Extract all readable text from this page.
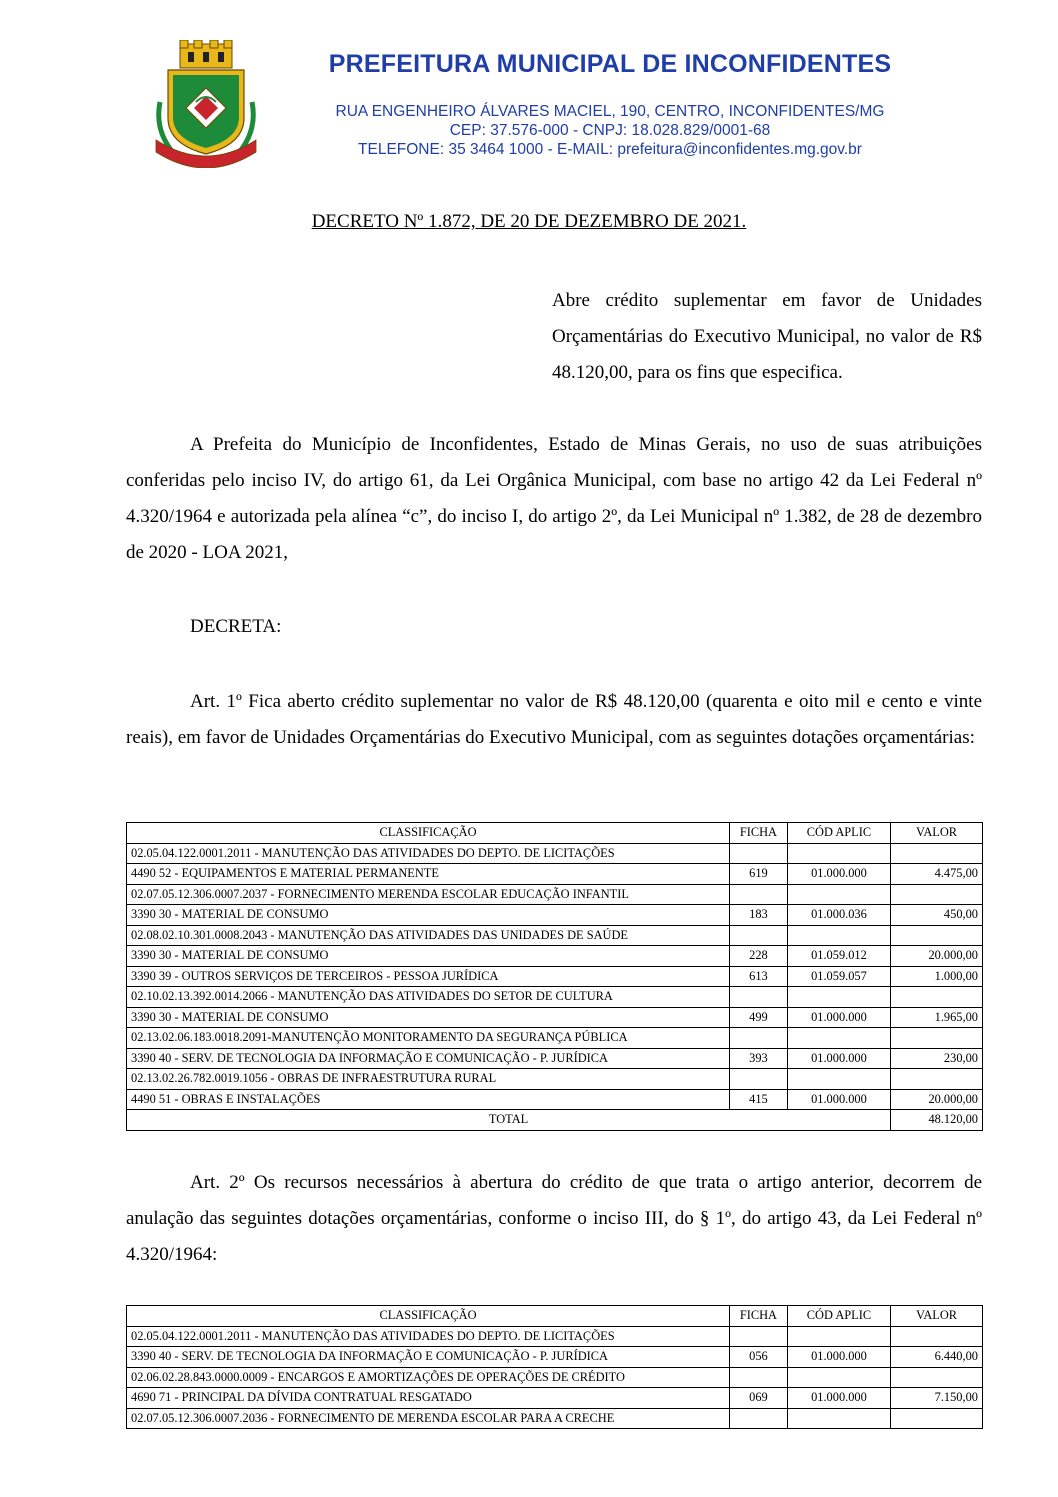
PREFEITURA MUNICIPAL DE INCONFIDENTES
RUA ENGENHEIRO ÁLVARES MACIEL, 190, CENTRO, INCONFIDENTES/MG
CEP: 37.576-000 - CNPJ: 18.028.829/0001-68
TELEFONE: 35 3464 1000 - E-MAIL: prefeitura@inconfidentes.mg.gov.br
DECRETO Nº 1.872, DE 20 DE DEZEMBRO DE 2021.
Abre crédito suplementar em favor de Unidades Orçamentárias do Executivo Municipal, no valor de R$ 48.120,00, para os fins que especifica.
A Prefeita do Município de Inconfidentes, Estado de Minas Gerais, no uso de suas atribuições conferidas pelo inciso IV, do artigo 61, da Lei Orgânica Municipal, com base no artigo 42 da Lei Federal nº 4.320/1964 e autorizada pela alínea “c”, do inciso I, do artigo 2º, da Lei Municipal nº 1.382, de 28 de dezembro de 2020 - LOA 2021,
DECRETA:
Art. 1º Fica aberto crédito suplementar no valor de R$ 48.120,00 (quarenta e oito mil e cento e vinte reais), em favor de Unidades Orçamentárias do Executivo Municipal, com as seguintes dotações orçamentárias:
CLASSIFICAÇÃO	FICHA	CÓD APLIC	VALOR
02.05.04.122.0001.2011 - MANUTENÇÃO DAS ATIVIDADES DO DEPTO. DE LICITAÇÕES			
4490 52 - EQUIPAMENTOS E MATERIAL PERMANENTE	619	01.000.000	4.475,00
02.07.05.12.306.0007.2037 - FORNECIMENTO MERENDA ESCOLAR EDUCAÇÃO INFANTIL			
3390 30 - MATERIAL DE CONSUMO	183	01.000.036	450,00
02.08.02.10.301.0008.2043 - MANUTENÇÃO DAS ATIVIDADES DAS UNIDADES DE SAÚDE			
3390 30 - MATERIAL DE CONSUMO	228	01.059.012	20.000,00
3390 39 - OUTROS SERVIÇOS DE TERCEIROS - PESSOA JURÍDICA	613	01.059.057	1.000,00
02.10.02.13.392.0014.2066 - MANUTENÇÃO DAS ATIVIDADES DO SETOR DE CULTURA			
3390 30 - MATERIAL DE CONSUMO	499	01.000.000	1.965,00
02.13.02.06.183.0018.2091-MANUTENÇÃO MONITORAMENTO DA SEGURANÇA PÚBLICA			
3390 40 - SERV. DE TECNOLOGIA DA INFORMAÇÃO E COMUNICAÇÃO - P. JURÍDICA	393	01.000.000	230,00
02.13.02.26.782.0019.1056 - OBRAS DE INFRAESTRUTURA RURAL			
4490 51 - OBRAS E INSTALAÇÕES	415	01.000.000	20.000,00
TOTAL			48.120,00
Art. 2º Os recursos necessários à abertura do crédito de que trata o artigo anterior, decorrem de anulação das seguintes dotações orçamentárias, conforme o inciso III, do § 1º, do artigo 43, da Lei Federal nº 4.320/1964:
CLASSIFICAÇÃO	FICHA	CÓD APLIC	VALOR
02.05.04.122.0001.2011 - MANUTENÇÃO DAS ATIVIDADES DO DEPTO. DE LICITAÇÕES			
3390 40 - SERV. DE TECNOLOGIA DA INFORMAÇÃO E COMUNICAÇÃO - P. JURÍDICA	056	01.000.000	6.440,00
02.06.02.28.843.0000.0009 - ENCARGOS E AMORTIZAÇÕES DE OPERAÇÕES DE CRÉDITO			
4690 71 - PRINCIPAL DA DÍVIDA CONTRATUAL RESGATADO	069	01.000.000	7.150,00
02.07.05.12.306.0007.2036 - FORNECIMENTO DE MERENDA ESCOLAR PARA A CRECHE			
